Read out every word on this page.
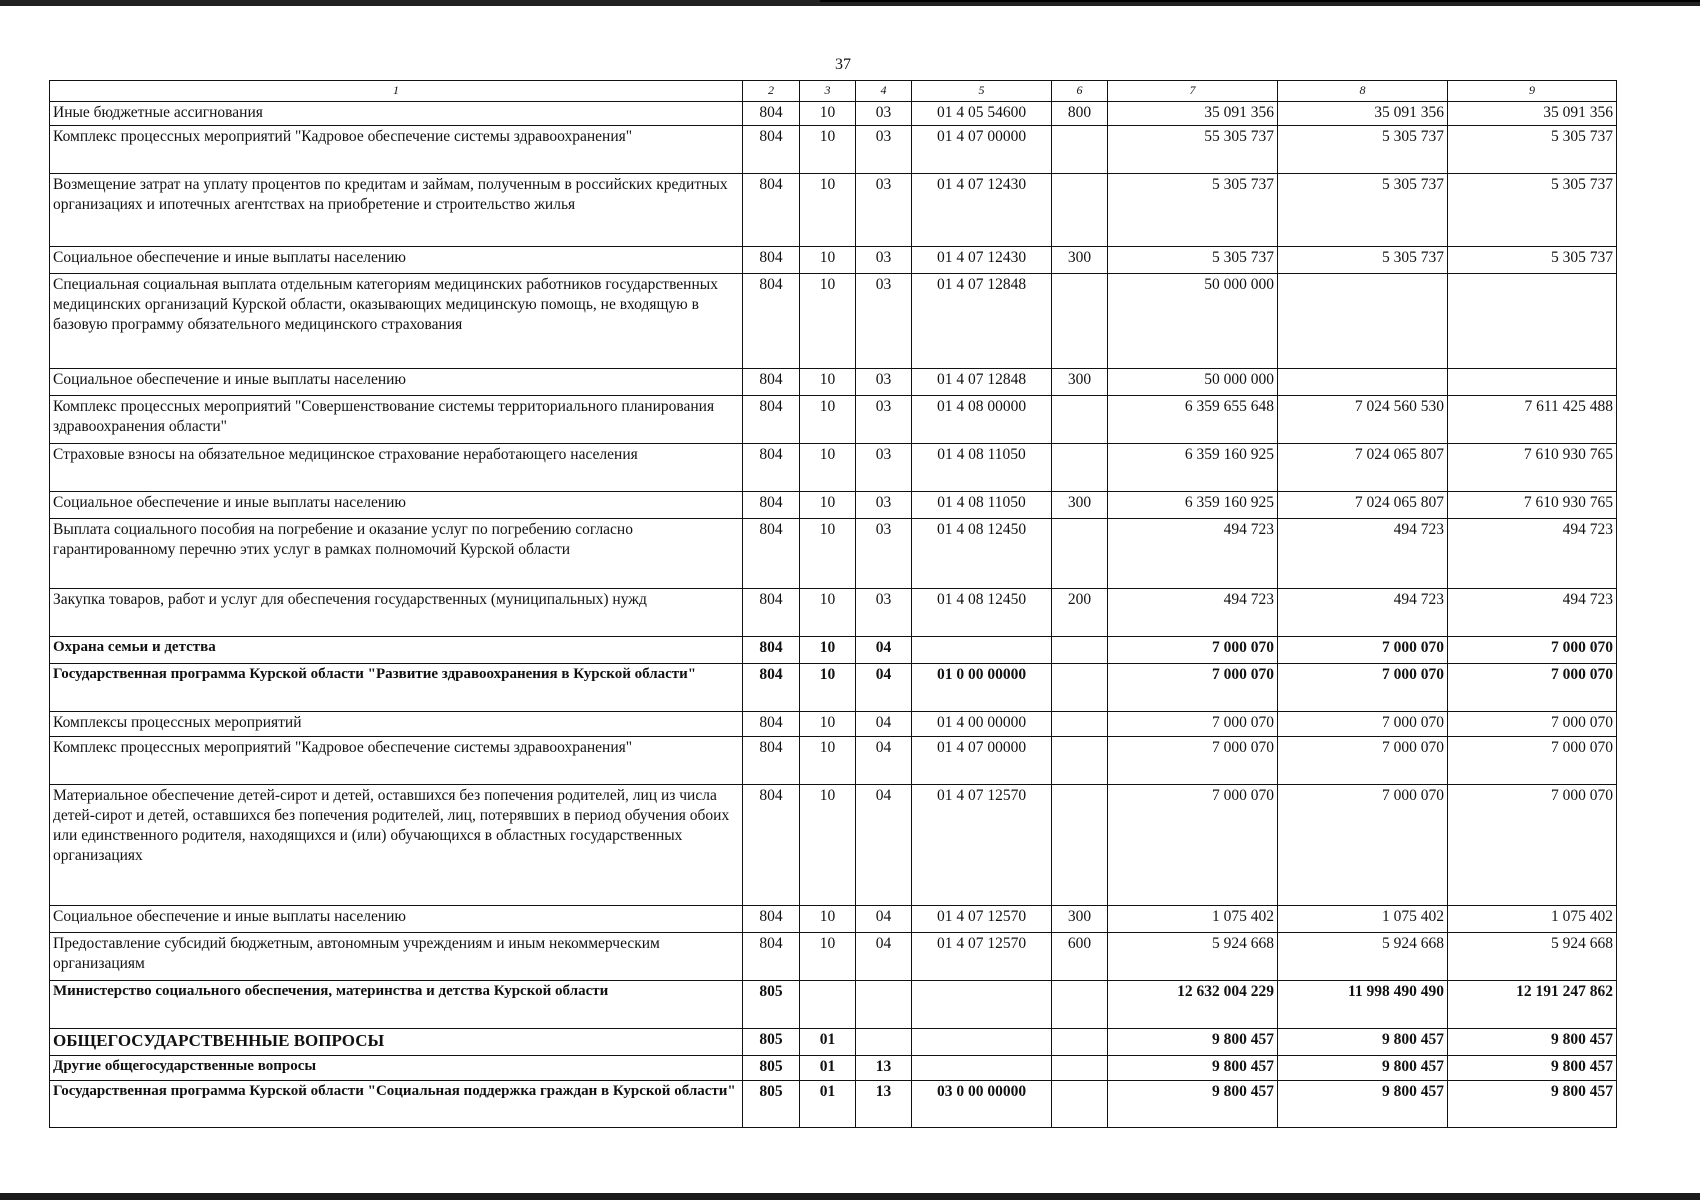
37
1	2	3	4	5	6	7	8	9
Иные бюджетные ассигнования	804	10	03	01 4 05 54600	800	35 091 356	35 091 356	35 091 356
Комплекс процессных мероприятий "Кадровое обеспечение системы здравоохранения"	804	10	03	01 4 07 00000		55 305 737	5 305 737	5 305 737
Возмещение затрат на уплату процентов по кредитам и займам, полученным в российских кредитных организациях и ипотечных агентствах на приобретение и строительство жилья	804	10	03	01 4 07 12430		5 305 737	5 305 737	5 305 737
Социальное обеспечение и иные выплаты населению	804	10	03	01 4 07 12430	300	5 305 737	5 305 737	5 305 737
Специальная социальная выплата отдельным категориям медицинских работников государственных медицинских организаций Курской области, оказывающих медицинскую помощь, не входящую в базовую программу обязательного медицинского страхования	804	10	03	01 4 07 12848		50 000 000		
Социальное обеспечение и иные выплаты населению	804	10	03	01 4 07 12848	300	50 000 000		
Комплекс процессных мероприятий "Совершенствование системы территориального планирования здравоохранения области"	804	10	03	01 4 08 00000		6 359 655 648	7 024 560 530	7 611 425 488
Страховые взносы на обязательное медицинское страхование неработающего населения	804	10	03	01 4 08 11050		6 359 160 925	7 024 065 807	7 610 930 765
Социальное обеспечение и иные выплаты населению	804	10	03	01 4 08 11050	300	6 359 160 925	7 024 065 807	7 610 930 765
Выплата социального пособия на погребение и оказание услуг по погребению согласно гарантированному перечню этих услуг в рамках полномочий Курской области	804	10	03	01 4 08 12450		494 723	494 723	494 723
Закупка товаров, работ и услуг для обеспечения государственных (муниципальных) нужд	804	10	03	01 4 08 12450	200	494 723	494 723	494 723
Охрана семьи и детства	804	10	04			7 000 070	7 000 070	7 000 070
Государственная программа Курской области "Развитие здравоохранения в Курской области"	804	10	04	01 0 00 00000		7 000 070	7 000 070	7 000 070
Комплексы процессных мероприятий	804	10	04	01 4 00 00000		7 000 070	7 000 070	7 000 070
Комплекс процессных мероприятий "Кадровое обеспечение системы здравоохранения"	804	10	04	01 4 07 00000		7 000 070	7 000 070	7 000 070
Материальное обеспечение детей-сирот и детей, оставшихся без попечения родителей, лиц из числа детей-сирот и детей, оставшихся без попечения родителей, лиц, потерявших в период обучения обоих или единственного родителя, находящихся и (или) обучающихся в областных государственных организациях	804	10	04	01 4 07 12570		7 000 070	7 000 070	7 000 070
Социальное обеспечение и иные выплаты населению	804	10	04	01 4 07 12570	300	1 075 402	1 075 402	1 075 402
Предоставление субсидий бюджетным, автономным учреждениям и иным некоммерческим организациям	804	10	04	01 4 07 12570	600	5 924 668	5 924 668	5 924 668
Министерство социального обеспечения, материнства и детства Курской области	805					12 632 004 229	11 998 490 490	12 191 247 862
ОБЩЕГОСУДАРСТВЕННЫЕ ВОПРОСЫ	805	01				9 800 457	9 800 457	9 800 457
Другие общегосударственные вопросы	805	01	13			9 800 457	9 800 457	9 800 457
Государственная программа Курской области "Социальная поддержка граждан в Курской области"	805	01	13	03 0 00 00000		9 800 457	9 800 457	9 800 457
